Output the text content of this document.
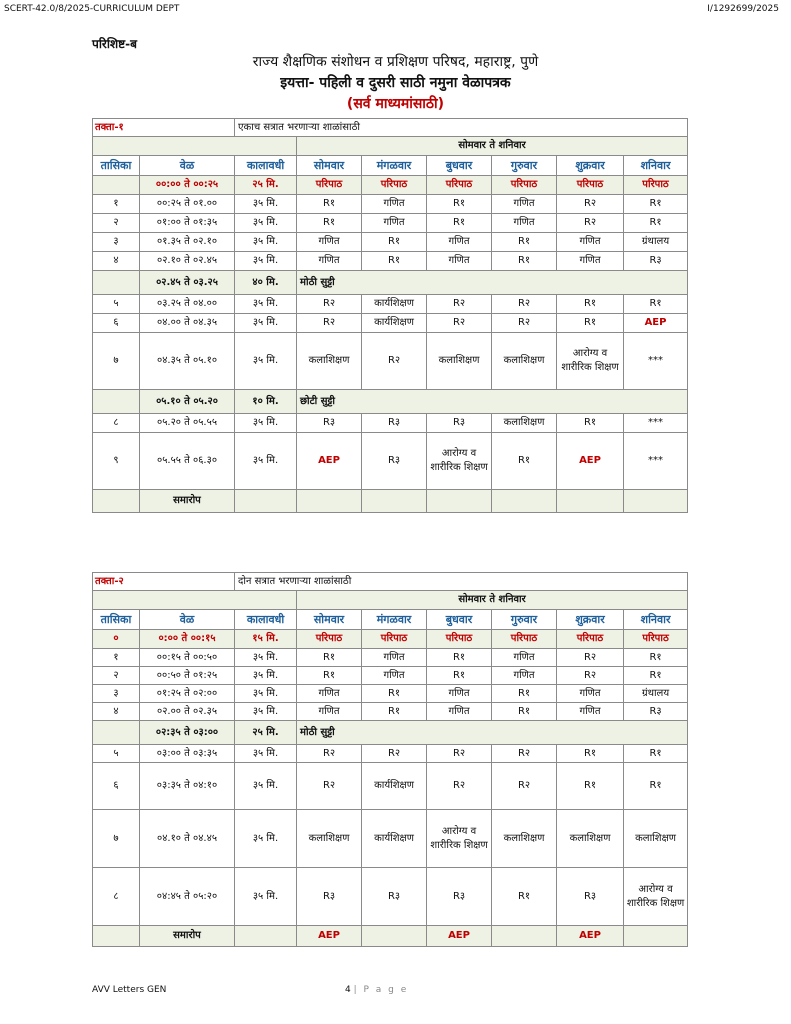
SCERT-42.0/8/2025-CURRICULUM DEPT	I/1292699/2025
परिशिष्ट-ब
राज्य शैक्षणिक संशोधन व प्रशिक्षण परिषद, महाराष्ट्र, पुणे
इयत्ता- पहिली व दुसरी साठी नमुना वेळापत्रक
(सर्व माध्यमांसाठी)
तक्ता-१		एकाच सत्रात भरणाऱ्या शाळांसाठी						
			सोमवार ते शनिवार					
तासिका	वेळ	कालावधी	सोमवार	मंगळवार	बुधवार	गुरुवार	शुक्रवार	शनिवार
	००:०० ते ००:२५	२५ मि.	परिपाठ	परिपाठ	परिपाठ	परिपाठ	परिपाठ	परिपाठ
१	००:२५ ते ०१.००	३५ मि.	R१	गणित	R१	गणित	R२	R१
२	०१:०० ते ०१:३५	३५ मि.	R१	गणित	R१	गणित	R२	R१
३	०१.३५ ते ०२.१०	३५ मि.	गणित	R१	गणित	R१	गणित	ग्रंथालय
४	०२.१० ते ०२.४५	३५ मि.	गणित	R१	गणित	R१	गणित	R३
	०२.४५ ते ०३.२५	४० मि.	मोठी सुट्टी					
५	०३.२५ ते ०४.००	३५ मि.	R२	कार्यशिक्षण	R२	R२	R१	R१
६	०४.०० ते ०४.३५	३५ मि.	R२	कार्यशिक्षण	R२	R२	R१	AEP
७	०४.३५ ते ०५.१०	३५ मि.	कलाशिक्षण	R२	कलाशिक्षण	कलाशिक्षण	आरोग्य व शारीरिक शिक्षण	***
	०५.१० ते ०५.२०	१० मि.	छोटी सुट्टी					
८	०५.२० ते ०५.५५	३५ मि.	R३	R३	R३	कलाशिक्षण	R१	***
९	०५.५५ ते ०६.३०	३५ मि.	AEP	R३	आरोग्य व शारीरिक शिक्षण	R१	AEP	***
	समारोप							
तक्ता-२		दोन सत्रात भरणाऱ्या शाळांसाठी						
			सोमवार ते शनिवार					
तासिका	वेळ	कालावधी	सोमवार	मंगळवार	बुधवार	गुरुवार	शुक्रवार	शनिवार
०	०:०० ते ००:१५	१५ मि.	परिपाठ	परिपाठ	परिपाठ	परिपाठ	परिपाठ	परिपाठ
१	००:१५ ते ००:५०	३५ मि.	R१	गणित	R१	गणित	R२	R१
२	००:५० ते ०१:२५	३५ मि.	R१	गणित	R१	गणित	R२	R१
३	०१:२५ ते ०२:००	३५ मि.	गणित	R१	गणित	R१	गणित	ग्रंथालय
४	०२.०० ते ०२.३५	३५ मि.	गणित	R१	गणित	R१	गणित	R३
	०२:३५ ते ०३:००	२५ मि.	मोठी सुट्टी					
५	०३:०० ते ०३:३५	३५ मि.	R२	R२	R२	R२	R१	R१
६	०३:३५ ते ०४:१०	३५ मि.	R२	कार्यशिक्षण	R२	R२	R१	R१
७	०४.१० ते ०४.४५	३५ मि.	कलाशिक्षण	कार्यशिक्षण	आरोग्य व शारीरिक शिक्षण	कलाशिक्षण	कलाशिक्षण	कलाशिक्षण
८	०४:४५ ते ०५:२०	३५ मि.	R३	R३	R३	R१	R३	आरोग्य व शारीरिक शिक्षण
	समारोप		AEP		AEP		AEP	
AVV Letters GEN	4 | P a g e
